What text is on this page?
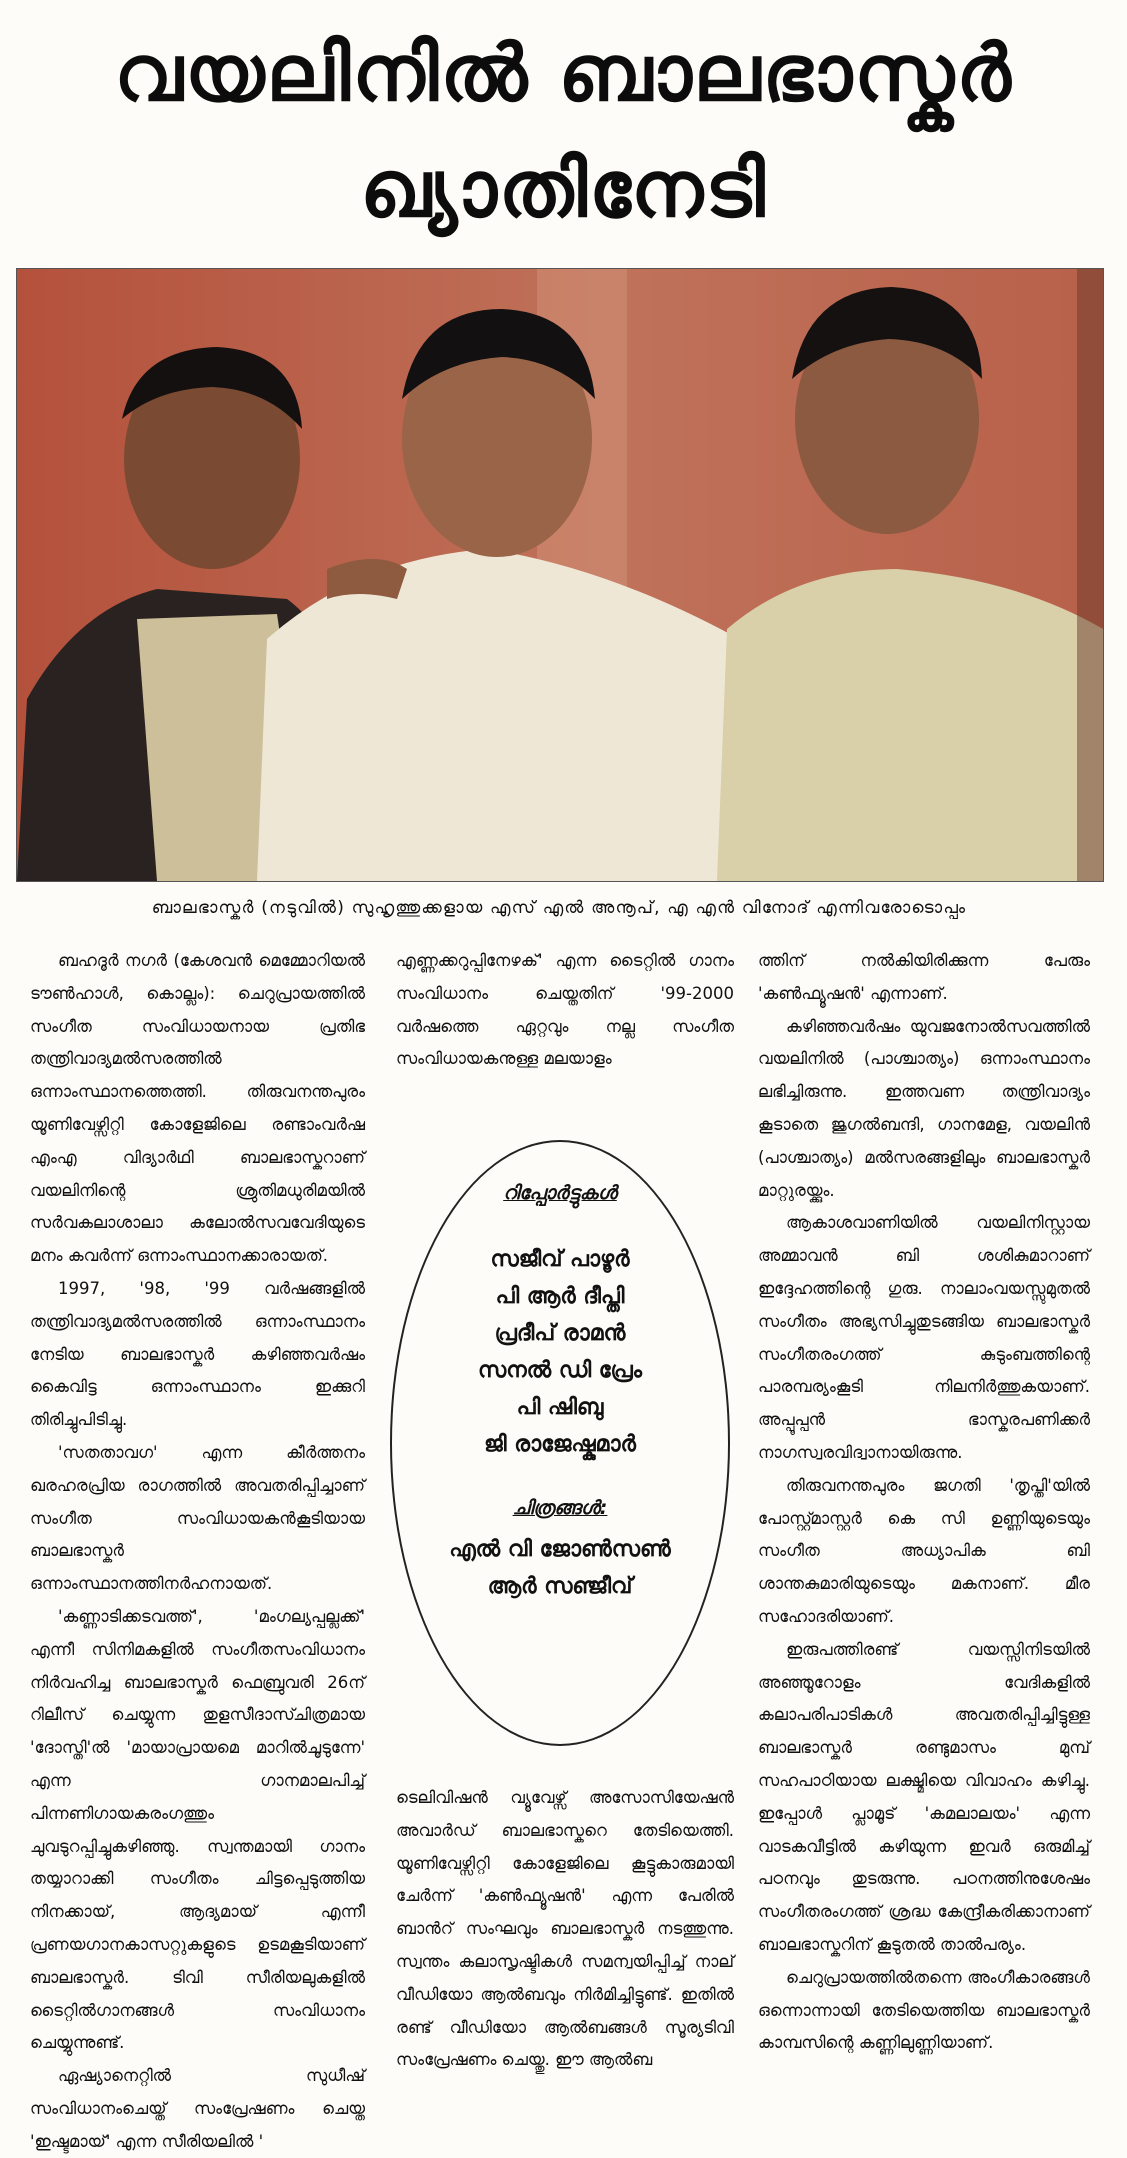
വയലിനിൽ ബാലഭാസ്കർ
ഖ്യാതിനേടി
ബാലഭാസ്കർ (നടുവിൽ) സുഹൃത്തുക്കളായ എസ് എൽ അനൂപ്, എ എൻ വിനോദ് എന്നിവരോടൊപ്പം

ബഹദൂർ നഗർ (കേശവൻ മെമ്മോറിയൽ ടൗൺഹാൾ, കൊല്ലം): ചെറുപ്രായത്തിൽ സംഗീത സംവിധായനായ പ്രതിഭ തന്ത്രിവാദ്യമൽസരത്തിൽ ഒന്നാംസ്ഥാനത്തെത്തി. തിരുവനന്തപുരം യൂണിവേഴ്സിറ്റി കോളേജിലെ രണ്ടാംവർഷ എംഎ വിദ്യാർഥി ബാലഭാസ്കറാണ് വയലിനിന്റെ ശ്രുതിമധുരിമയിൽ സർവകലാശാലാ കലോൽസവവേദിയുടെ മനം കവർന്ന് ഒന്നാംസ്ഥാനക്കാരായത്.

1997, '98, '99 വർഷങ്ങളിൽ തന്ത്രിവാദ്യമൽസരത്തിൽ ഒന്നാംസ്ഥാനം നേടിയ ബാലഭാസ്കർ കഴിഞ്ഞവർഷം കൈവിട്ട ഒന്നാംസ്ഥാനം ഇക്കുറി തിരിച്ചുപിടിച്ചു.

'സതതാവഗ' എന്ന കീർത്തനം ഖരഹരപ്രിയ രാഗത്തിൽ അവതരിപ്പിച്ചാണ് സംഗീത സംവിധായകൻകൂടിയായ ബാലഭാസ്കർ ഒന്നാംസ്ഥാനത്തിനർഹനായത്.

'കണ്ണാടിക്കടവത്ത്', 'മംഗല്യപ്പല്ലക്ക്' എന്നീ സിനിമകളിൽ സംഗീതസംവിധാനം നിർവഹിച്ച ബാലഭാസ്കർ ഫെബ്രുവരി 26ന് റിലീസ് ചെയ്യുന്ന തുളസീദാസ്ചിത്രമായ 'ദോസ്തി'ൽ 'മായാപ്രായമെ മാറിൽചൂടുന്നേ' എന്ന ഗാനമാലപിച്ച് പിന്നണിഗായകരംഗത്തും ചുവടുറപ്പിച്ചുകഴിഞ്ഞു. സ്വന്തമായി ഗാനം തയ്യാറാക്കി സംഗീതം ചിട്ടപ്പെടുത്തിയ നിനക്കായ്, ആദ്യമായ് എന്നീ പ്രണയഗാനകാസറ്റുകളുടെ ഉടമകൂടിയാണ് ബാലഭാസ്കർ. ടിവി സീരിയലുകളിൽ ടൈറ്റിൽഗാനങ്ങൾ സംവിധാനം ചെയ്യുന്നുണ്ട്.

ഏഷ്യാനെറ്റിൽ സുധീഷ് സംവിധാനംചെയ്ത് സംപ്രേഷണം ചെയ്ത 'ഇഷ്ടമായ്' എന്ന സീരിയലിൽ '

എണ്ണക്കറുപ്പിനേഴക്' എന്ന ടൈറ്റിൽ ഗാനം സംവിധാനം ചെയ്തതിന് '99-2000 വർഷത്തെ ഏറ്റവും നല്ല സംഗീത സംവിധായകനുള്ള മലയാളം

റിപ്പോർട്ടുകൾ
സജീവ് പാഴൂർ
പി ആർ ദീപ്തി
പ്രദീപ് രാമൻ
സനൽ ഡി പ്രേം
പി ഷിബു
ജി രാജേഷ്കുമാർ
ചിത്രങ്ങൾ:
എൽ വി ജോൺസൺ
ആർ സഞ്ജീവ്

ടെലിവിഷൻ വ്യൂവേഴ്സ് അസോസിയേഷൻ അവാർഡ് ബാലഭാസ്കറെ തേടിയെത്തി. യൂണിവേഴ്സിറ്റി കോളേജിലെ കൂട്ടുകാരുമായി ചേർന്ന് 'കൺഫ്യൂഷൻ' എന്ന പേരിൽ ബാൻറ് സംഘവും ബാലഭാസ്കർ നടത്തുന്നു. സ്വന്തം കലാസൃഷ്ടികൾ സമന്വയിപ്പിച്ച് നാല് വീഡിയോ ആൽബവും നിർമിച്ചിട്ടുണ്ട്. ഇതിൽ രണ്ട് വീഡിയോ ആൽബങ്ങൾ സൂര്യടിവി സംപ്രേഷണം ചെയ്തു. ഈ ആൽബ

ത്തിന് നൽകിയിരിക്കുന്ന പേരും 'കൺഫ്യൂഷൻ' എന്നാണ്.

കഴിഞ്ഞവർഷം യുവജനോൽസവത്തിൽ വയലിനിൽ (പാശ്ചാത്യം) ഒന്നാംസ്ഥാനം ലഭിച്ചിരുന്നു. ഇത്തവണ തന്ത്രിവാദ്യം കൂടാതെ ജുഗൽബന്ദി, ഗാനമേള, വയലിൻ (പാശ്ചാത്യം) മൽസരങ്ങളിലും ബാലഭാസ്കർ മാറ്റുരയ്ക്കും.

ആകാശവാണിയിൽ വയലിനിസ്റ്റായ അമ്മാവൻ ബി ശശികുമാറാണ് ഇദ്ദേഹത്തിന്റെ ഗുരു. നാലാംവയസ്സുമുതൽ സംഗീതം അഭ്യസിച്ചുതുടങ്ങിയ ബാലഭാസ്കർ സംഗീതരംഗത്ത് കുടുംബത്തിന്റെ പാരമ്പര്യംകൂടി നിലനിർത്തുകയാണ്. അപ്പൂപ്പൻ ഭാസ്കരപണിക്കർ നാഗസ്വരവിദ്വാനായിരുന്നു.

തിരുവനന്തപുരം ജഗതി 'തൃപ്തി'യിൽ പോസ്റ്റ്മാസ്റ്റർ കെ സി ഉണ്ണിയുടെയും സംഗീത അധ്യാപിക ബി ശാന്തകുമാരിയുടെയും മകനാണ്. മീര സഹോദരിയാണ്.

ഇരുപത്തിരണ്ട് വയസ്സിനിടയിൽ അഞ്ഞൂറോളം വേദികളിൽ കലാപരിപാടികൾ അവതരിപ്പിച്ചിട്ടുള്ള ബാലഭാസ്കർ രണ്ടുമാസം മുമ്പ് സഹപാഠിയായ ലക്ഷ്മിയെ വിവാഹം കഴിച്ചു. ഇപ്പോൾ പ്ലാമൂട് 'കമലാലയം' എന്ന വാടകവീട്ടിൽ കഴിയുന്ന ഇവർ ഒരുമിച്ച് പഠനവും തുടരുന്നു. പഠനത്തിനുശേഷം സംഗീതരംഗത്ത് ശ്രദ്ധ കേന്ദ്രീകരിക്കാനാണ് ബാലഭാസ്കറിന് കൂടുതൽ താൽപര്യം.

ചെറുപ്രായത്തിൽതന്നെ അംഗീകാരങ്ങൾ ഒന്നൊന്നായി തേടിയെത്തിയ ബാലഭാസ്കർ കാമ്പസിന്റെ കണ്ണിലുണ്ണിയാണ്.
